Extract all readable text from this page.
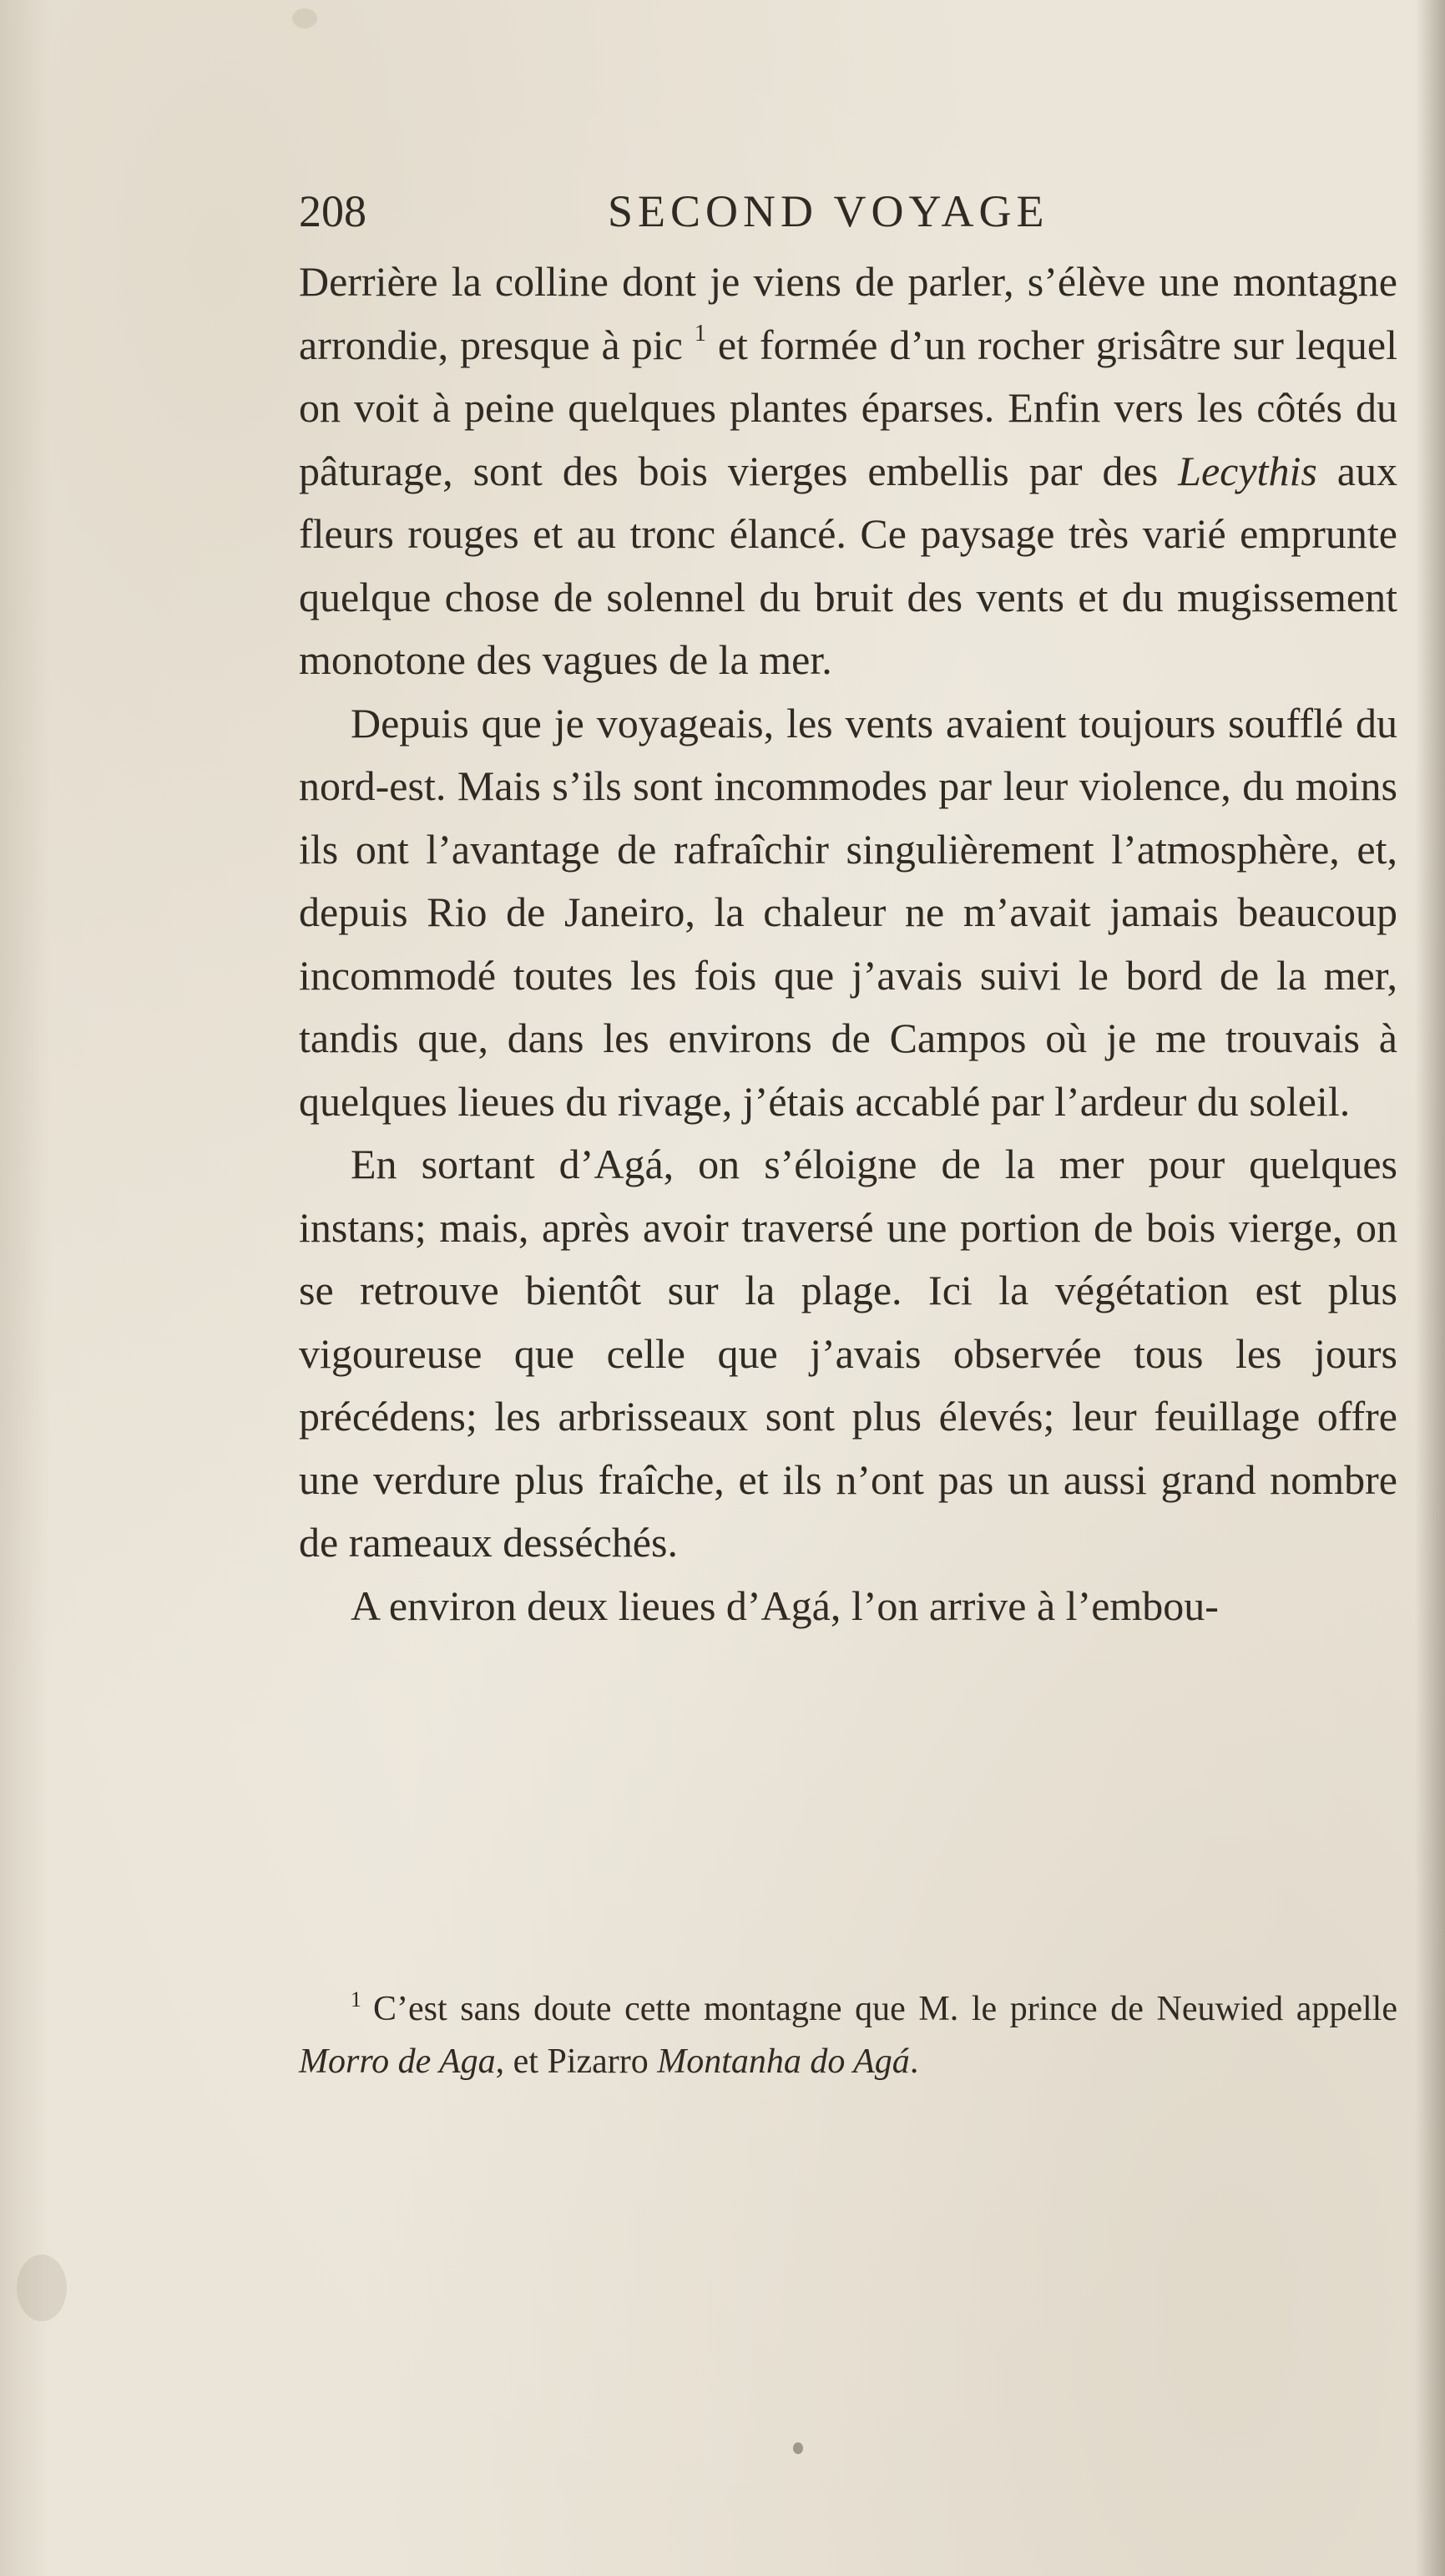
208	SECOND VOYAGE

Derrière la colline dont je viens de parler, s’élève une montagne arrondie, presque à pic $^1$ et formée d’un rocher grisâtre sur lequel on voit à peine quelques plantes éparses. Enfin vers les côtés du pâturage, sont des bois vierges embellis par des Lecythis aux fleurs rouges et au tronc élancé. Ce paysage très varié emprunte quelque chose de solennel du bruit des vents et du mugissement monotone des vagues de la mer.

Depuis que je voyageais, les vents avaient toujours soufflé du nord-est. Mais s’ils sont incommodes par leur violence, du moins ils ont l’avantage de rafraîchir singulièrement l’atmosphère, et, depuis Rio de Janeiro, la chaleur ne m’avait jamais beaucoup incommodé toutes les fois que j’avais suivi le bord de la mer, tandis que, dans les environs de Campos où je me trouvais à quelques lieues du rivage, j’étais accablé par l’ardeur du soleil.

En sortant d’Agá, on s’éloigne de la mer pour quelques instans; mais, après avoir traversé une portion de bois vierge, on se retrouve bientôt sur la plage. Ici la végétation est plus vigoureuse que celle que j’avais observée tous les jours précédens; les arbrisseaux sont plus élevés; leur feuillage offre une verdure plus fraîche, et ils n’ont pas un aussi grand nombre de rameaux desséchés.

A environ deux lieues d’Agá, l’on arrive à l’embou-

$^1$ C’est sans doute cette montagne que M. le prince de Neuwied appelle Morro de Aga, et Pizarro Montanha do Agá.
